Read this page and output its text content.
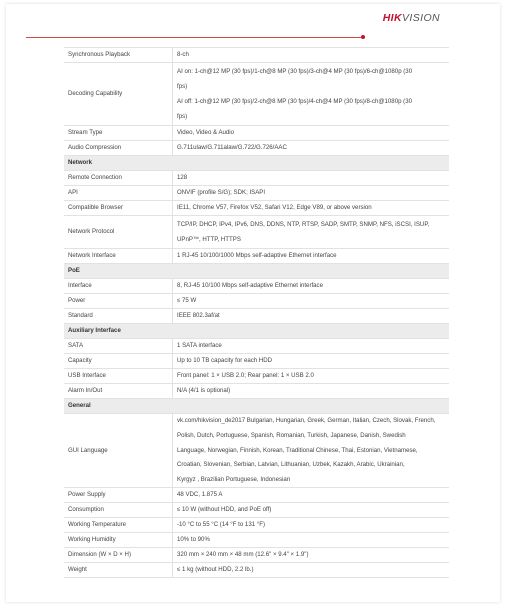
HIKVISION
Synchronous Playback	8-ch
Decoding Capability	AI on: 1-ch@12 MP (30 fps)/1-ch@8 MP (30 fps)/3-ch@4 MP (30 fps)/6-ch@1080p (30
fps)
AI off: 1-ch@12 MP (30 fps)/2-ch@8 MP (30 fps)/4-ch@4 MP (30 fps)/8-ch@1080p (30
fps)

Stream Type	Video, Video & Audio
Audio Compression	G.711ulaw/G.711alaw/G.722/G.726/AAC
Network	
Remote Connection	128
API	ONVIF (profile S/G); SDK; ISAPI
Compatible Browser	IE11, Chrome V57, Firefox V52, Safari V12, Edge V89, or above version
Network Protocol	TCP/IP, DHCP, IPv4, IPv6, DNS, DDNS, NTP, RTSP, SADP, SMTP, SNMP, NFS, iSCSI, ISUP,
UPnP™, HTTP, HTTPS

Network Interface	1 RJ-45 10/100/1000 Mbps self-adaptive Ethernet interface
PoE	
Interface	8, RJ-45 10/100 Mbps self-adaptive Ethernet interface
Power	≤ 75 W
Standard	IEEE 802.3af/at
Auxiliary Interface	
SATA	1 SATA interface
Capacity	Up to 10 TB capacity for each HDD
USB Interface	Front panel: 1 × USB 2.0; Rear panel: 1 × USB 2.0
Alarm In/Out	N/A (4/1 is optional)
General	
GUI Language	vk.com/hikvision_de2017 Bulgarian, Hungarian, Greek, German, Italian, Czech, Slovak, French,
Polish, Dutch, Portuguese, Spanish, Romanian, Turkish, Japanese, Danish, Swedish
Language, Norwegian, Finnish, Korean, Traditional Chinese, Thai, Estonian, Vietnamese,
Croatian, Slovenian, Serbian, Latvian, Lithuanian, Uzbek, Kazakh, Arabic, Ukrainian,
Kyrgyz , Brazilian Portuguese, Indonesian

Power Supply	48 VDC, 1.875 A
Consumption	≤ 10 W (without HDD, and PoE off)
Working Temperature	-10 °C to 55 °C (14 °F to 131 °F)
Working Humidity	10% to 90%
Dimension (W × D × H)	320 mm × 240 mm × 48 mm (12.6" × 9.4" × 1.9")
Weight	≤ 1 kg (without HDD, 2.2 lb.)
